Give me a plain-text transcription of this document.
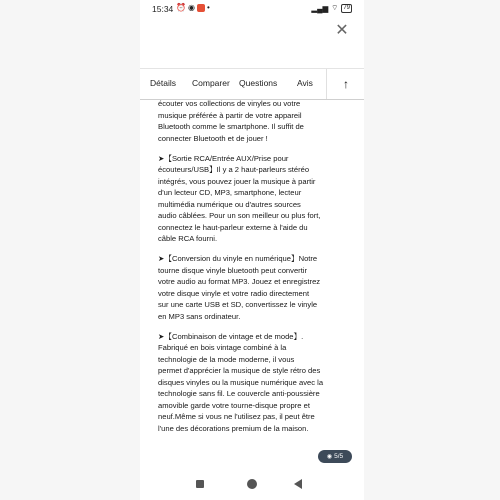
15:34 ⏰ ◉ •	▂▄▆ ⌔ 79
✕
Détails Comparer Questions Avis	↑

écouter vos collections de vinyles ou votre

musique préférée à partir de votre appareil

Bluetooth comme le smartphone. Il suffit de

connecter Bluetooth et de jouer !

➤【Sortie RCA/Entrée AUX/Prise pour

écouteurs/USB】Il y a 2 haut-parleurs stéréo

intégrés, vous pouvez jouer la musique à partir

d'un lecteur CD, MP3, smartphone, lecteur

multimédia numérique ou d'autres sources

audio câblées. Pour un son meilleur ou plus fort,

connectez le haut-parleur externe à l'aide du

câble RCA fourni.

➤【Conversion du vinyle en numérique】Notre

tourne disque vinyle bluetooth peut convertir

votre audio au format MP3. Jouez et enregistrez

votre disque vinyle et votre radio directement

sur une carte USB et SD, convertissez le vinyle

en MP3 sans ordinateur.

➤【Combinaison de vintage et de mode】.

Fabriqué en bois vintage combiné à la

technologie de la mode moderne, il vous

permet d'apprécier la musique de style rétro des

disques vinyles ou la musique numérique avec la

technologie sans fil. Le couvercle anti-poussière

amovible garde votre tourne-disque propre et

neuf.Même si vous ne l'utilisez pas, il peut être

l'une des décorations premium de la maison.

◉ 5/5
